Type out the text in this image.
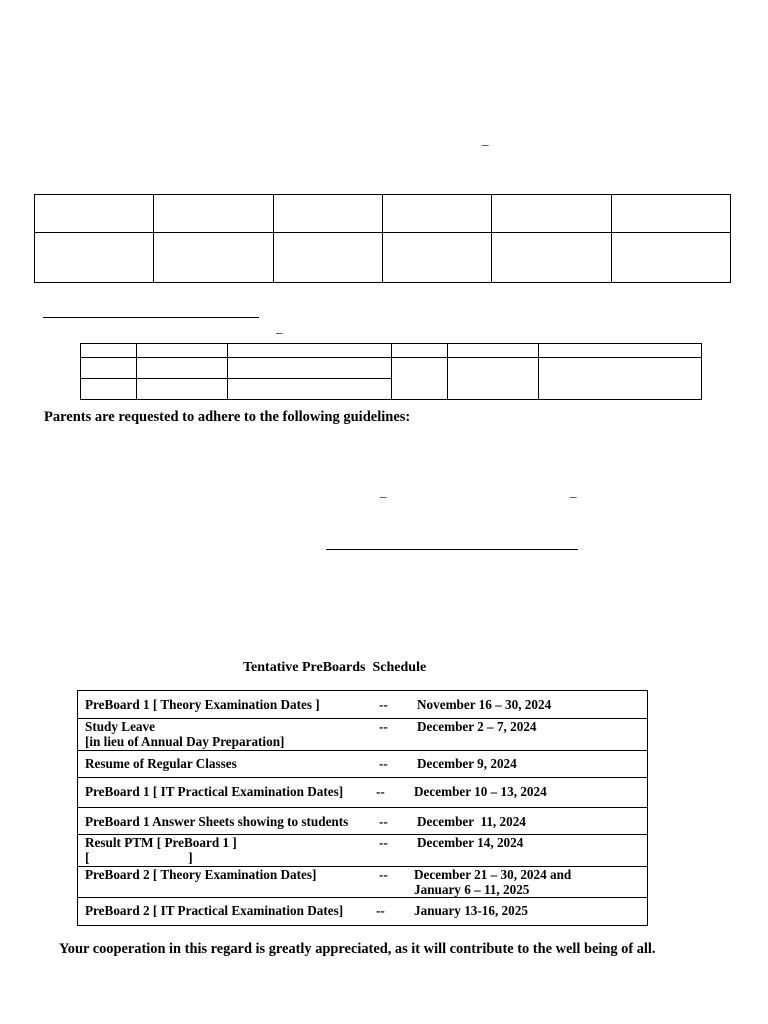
_
_
_	_

Parents are requested to adhere to the following guidelines:
Tentative PreBoards  Schedule
PreBoard 1 [ Theory Examination Dates ]	-- November 16 – 30, 2024

Study Leave
[in lieu of Annual Day Preparation]
-- December 2 – 7, 2024

Resume of Regular Classes	-- December 9, 2024

PreBoard 1 [ IT Practical Examination Dates] -- December 10 – 13, 2024

PreBoard 1 Answer Sheets showing to students -- December  11, 2024

Result PTM [ PreBoard 1 ]
[                              ]
-- December 14, 2024

PreBoard 2 [ Theory Examination Dates]	-- December 21 – 30, 2024 and
January 6 – 11, 2025

PreBoard 2 [ IT Practical Examination Dates] -- January 13-16, 2025
Your cooperation in this regard is greatly appreciated, as it will contribute to the well being of all.
